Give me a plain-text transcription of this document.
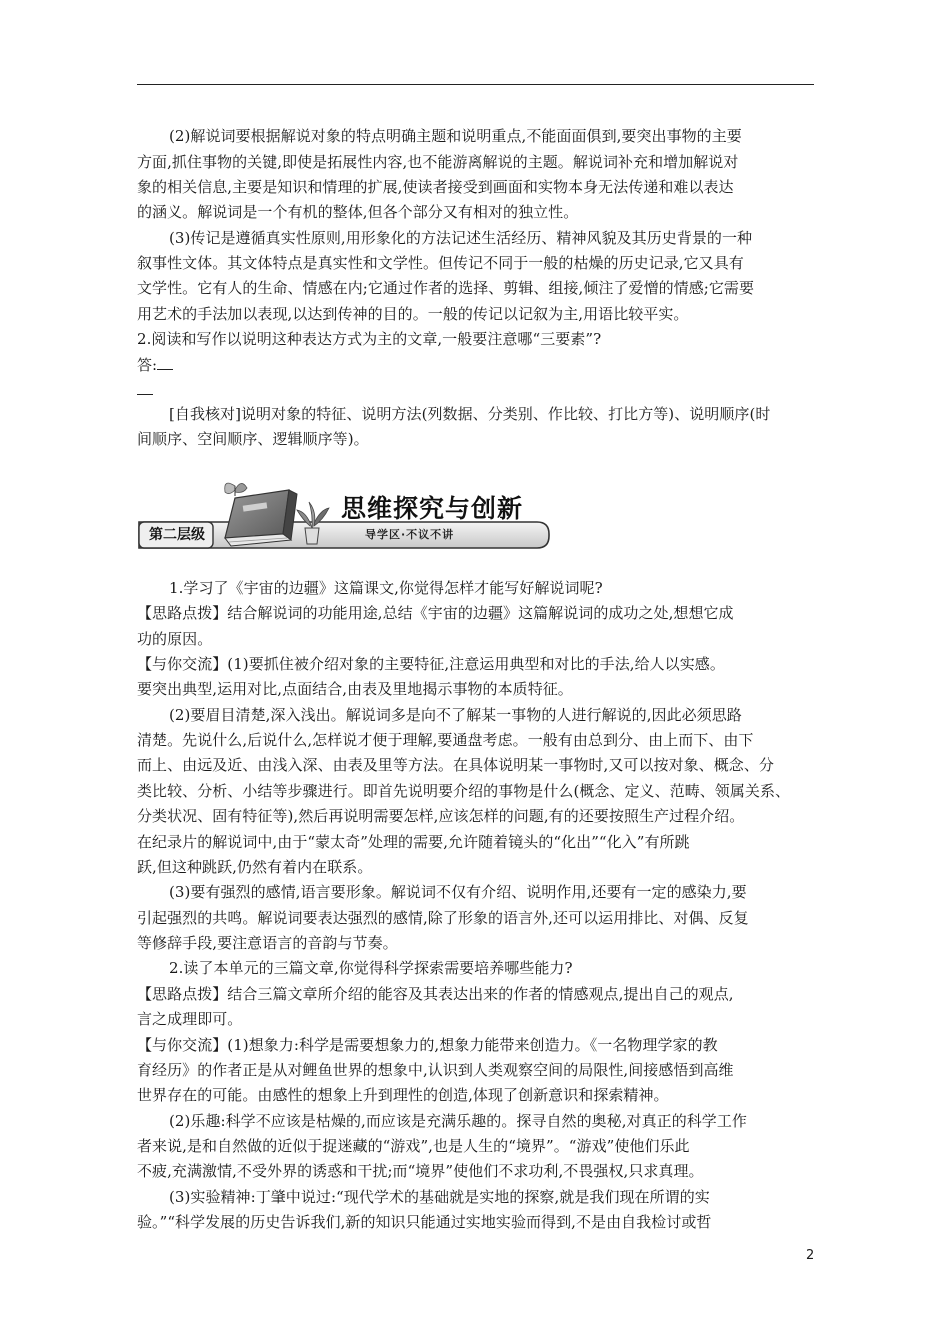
(2)解说词要根据解说对象的特点明确主题和说明重点,不能面面俱到,要突出事物的主要
方面,抓住事物的关键,即使是拓展性内容,也不能游离解说的主题。解说词补充和增加解说对
象的相关信息,主要是知识和情理的扩展,使读者接受到画面和实物本身无法传递和难以表达
的涵义。解说词是一个有机的整体,但各个部分又有相对的独立性。
(3)传记是遵循真实性原则,用形象化的方法记述生活经历、精神风貌及其历史背景的一种
叙事性文体。其文体特点是真实性和文学性。但传记不同于一般的枯燥的历史记录,它又具有
文学性。它有人的生命、情感在内;它通过作者的选择、剪辑、组接,倾注了爱憎的情感;它需要
用艺术的手法加以表现,以达到传神的目的。一般的传记以记叙为主,用语比较平实。
2.阅读和写作以说明这种表达方式为主的文章,一般要注意哪“三要素”?
答:
[自我核对]说明对象的特征、说明方法(列数据、分类别、作比较、打比方等)、说明顺序(时
间顺序、空间顺序、逻辑顺序等)。
1.学习了《宇宙的边疆》这篇课文,你觉得怎样才能写好解说词呢?
【思路点拨】结合解说词的功能用途,总结《宇宙的边疆》这篇解说词的成功之处,想想它成
功的原因。
【与你交流】(1)要抓住被介绍对象的主要特征,注意运用典型和对比的手法,给人以实感。
要突出典型,运用对比,点面结合,由表及里地揭示事物的本质特征。
(2)要眉目清楚,深入浅出。解说词多是向不了解某一事物的人进行解说的,因此必须思路
清楚。先说什么,后说什么,怎样说才便于理解,要通盘考虑。一般有由总到分、由上而下、由下
而上、由远及近、由浅入深、由表及里等方法。在具体说明某一事物时,又可以按对象、概念、分
类比较、分析、小结等步骤进行。即首先说明要介绍的事物是什么(概念、定义、范畴、领属关系、
分类状况、固有特征等),然后再说明需要怎样,应该怎样的问题,有的还要按照生产过程介绍。
在纪录片的解说词中,由于“蒙太奇”处理的需要,允许随着镜头的“化出”“化入”有所跳
跃,但这种跳跃,仍然有着内在联系。
(3)要有强烈的感情,语言要形象。解说词不仅有介绍、说明作用,还要有一定的感染力,要
引起强烈的共鸣。解说词要表达强烈的感情,除了形象的语言外,还可以运用排比、对偶、反复
等修辞手段,要注意语言的音韵与节奏。
2.读了本单元的三篇文章,你觉得科学探索需要培养哪些能力?
【思路点拨】结合三篇文章所介绍的能容及其表达出来的作者的情感观点,提出自己的观点,
言之成理即可。
【与你交流】(1)想象力:科学是需要想象力的,想象力能带来创造力。《一名物理学家的教
育经历》的作者正是从对鲤鱼世界的想象中,认识到人类观察空间的局限性,间接感悟到高维
世界存在的可能。由感性的想象上升到理性的创造,体现了创新意识和探索精神。
(2)乐趣:科学不应该是枯燥的,而应该是充满乐趣的。探寻自然的奥秘,对真正的科学工作
者来说,是和自然做的近似于捉迷藏的“游戏”,也是人生的“境界”。“游戏”使他们乐此
不疲,充满激情,不受外界的诱惑和干扰;而“境界”使他们不求功利,不畏强权,只求真理。
(3)实验精神:丁肇中说过:“现代学术的基础就是实地的探察,就是我们现在所谓的实
验。”“科学发展的历史告诉我们,新的知识只能通过实地实验而得到,不是由自我检讨或哲
第二层级
思维探究与创新
导学区·不议不讲
2
